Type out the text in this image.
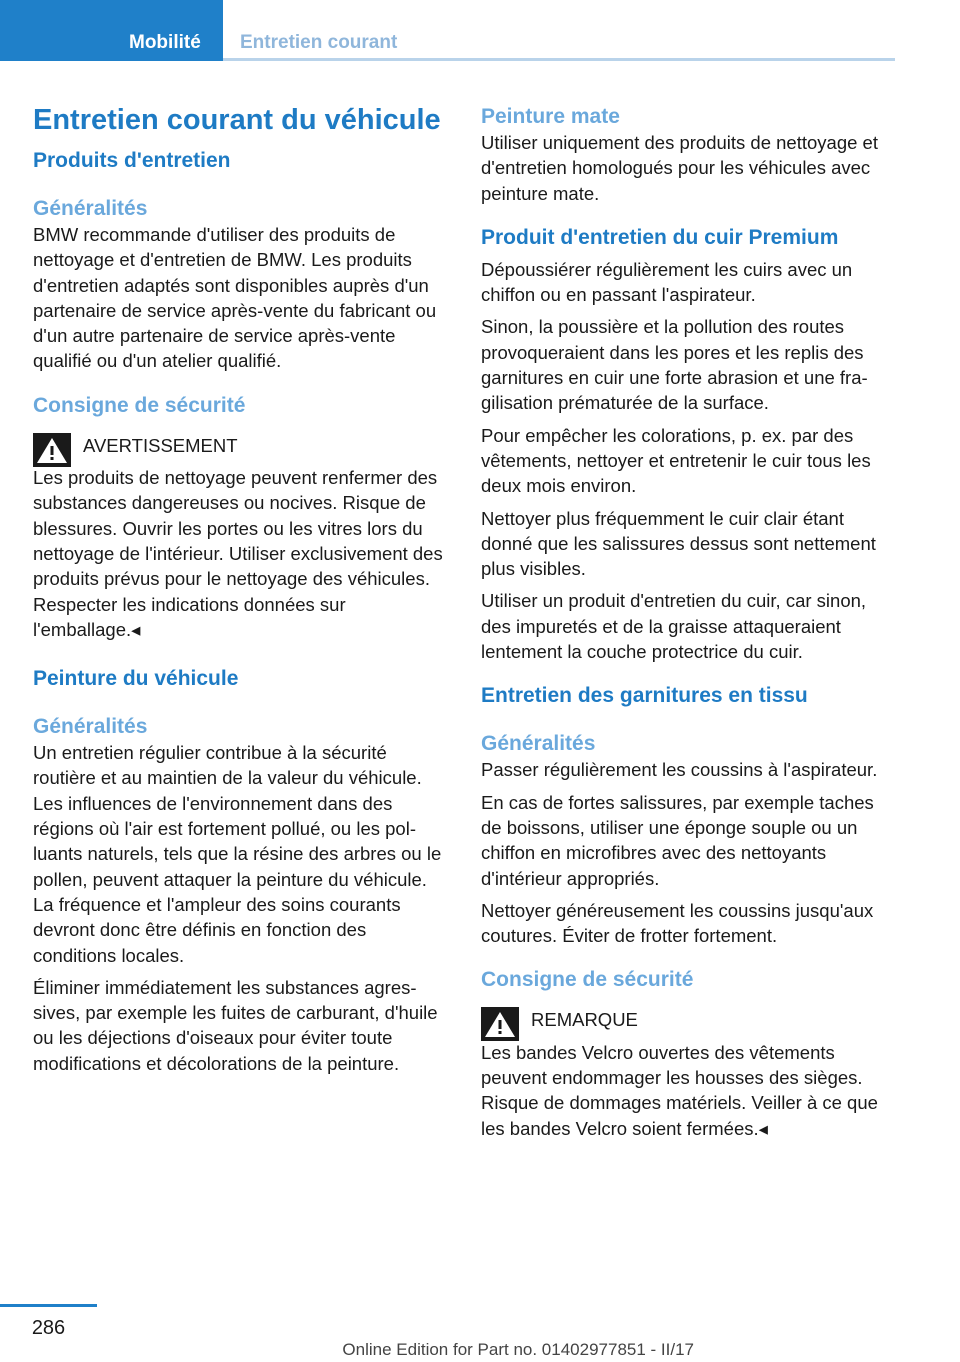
Mobilité Entretien courant
Entretien courant du véhicule
Produits d'entretien
Généralités

BMW recommande d'utiliser des produits de nettoyage et d'entretien de BMW. Les produits d'entretien adaptés sont disponibles auprès d'un partenaire de service après-vente du fabricant ou d'un autre partenaire de service après-vente qualifié ou d'un atelier qualifié.

Consigne de sécurité
AVERTISSEMENT

Les produits de nettoyage peuvent renfermer des substances dangereuses ou nocives. Risque de blessures. Ouvrir les portes ou les vitres lors du nettoyage de l'intérieur. Utiliser exclusivement des produits prévus pour le nettoyage des véhicules. Respecter les indications données sur l'emballage.◂

Peinture du véhicule
Généralités

Un entretien régulier contribue à la sécurité routière et au maintien de la valeur du véhicule. Les influences de l'environnement dans des régions où l'air est fortement pollué, ou les polluants naturels, tels que la résine des arbres ou le pollen, peuvent attaquer la peinture du véhicule. La fréquence et l'ampleur des soins courants devront donc être définis en fonction des conditions locales.

Éliminer immédiatement les substances agressives, par exemple les fuites de carburant, d'huile ou les déjections d'oiseaux pour éviter toute modifications et décolorations de la peinture.

Peinture mate

Utiliser uniquement des produits de nettoyage et d'entretien homologués pour les véhicules avec peinture mate.

Produit d'entretien du cuir Premium

Dépoussiérer régulièrement les cuirs avec un chiffon ou en passant l'aspirateur.

Sinon, la poussière et la pollution des routes provoqueraient dans les pores et les replis des garnitures en cuir une forte abrasion et une fragilisation prématurée de la surface.

Pour empêcher les colorations, p. ex. par des vêtements, nettoyer et entretenir le cuir tous les deux mois environ.

Nettoyer plus fréquemment le cuir clair étant donné que les salissures dessus sont nettement plus visibles.

Utiliser un produit d'entretien du cuir, car sinon, des impuretés et de la graisse attaqueraient lentement la couche protectrice du cuir.

Entretien des garnitures en tissu
Généralités

Passer régulièrement les coussins à l'aspirateur.

En cas de fortes salissures, par exemple taches de boissons, utiliser une éponge souple ou un chiffon en microfibres avec des nettoyants d'intérieur appropriés.

Nettoyer généreusement les coussins jusqu'aux coutures. Éviter de frotter fortement.

Consigne de sécurité
REMARQUE

Les bandes Velcro ouvertes des vêtements peuvent endommager les housses des sièges. Risque de dommages matériels. Veiller à ce que les bandes Velcro soient fermées.◂

286
Online Edition for Part no. 01402977851 - II/17
